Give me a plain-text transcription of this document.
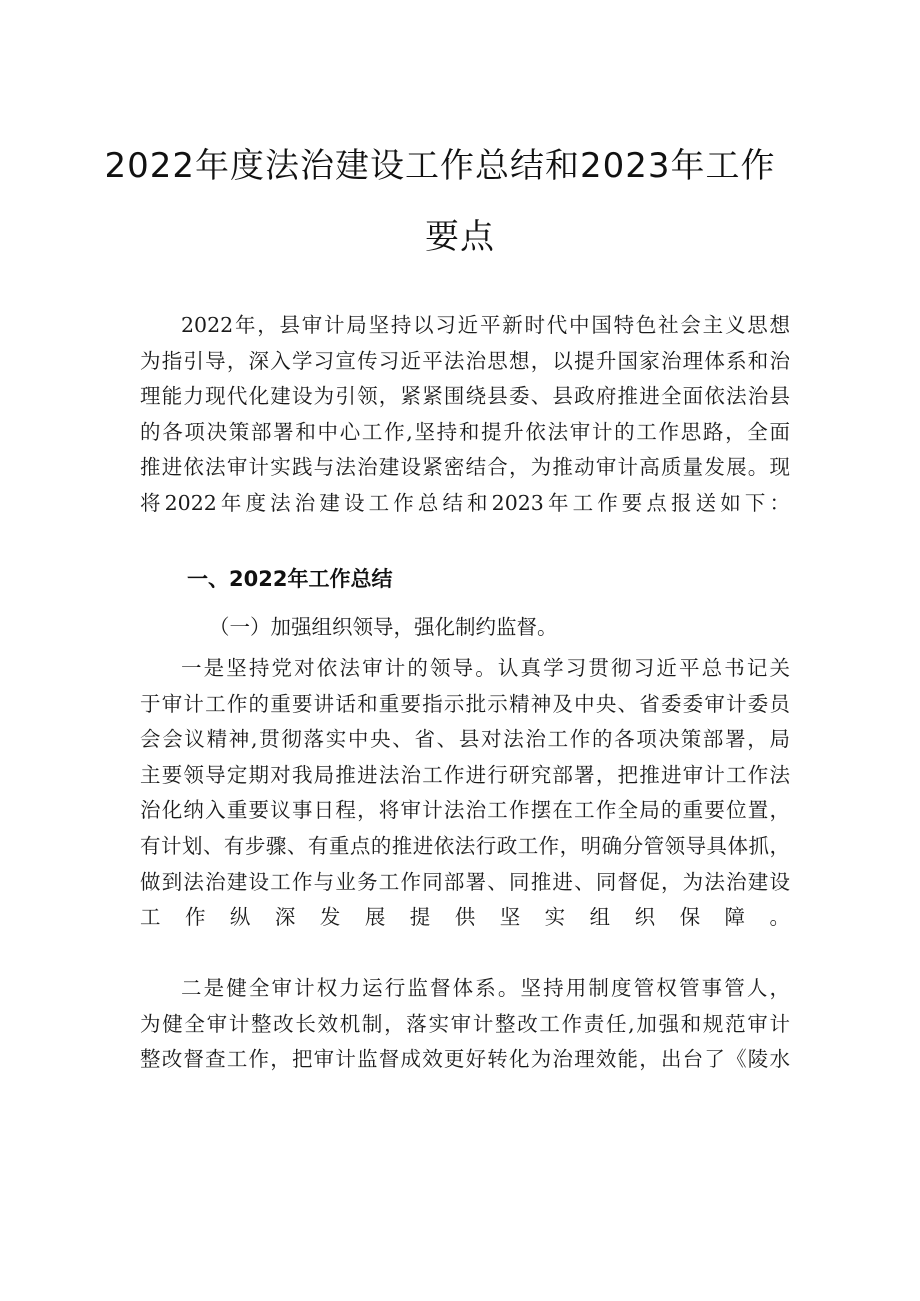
2022年度法治建设工作总结和2023年工作
要点
2022年，县审计局坚持以习近平新时代中国特色社会主义思想
为指引导，深入学习宣传习近平法治思想，以提升国家治理体系和治
理能力现代化建设为引领，紧紧围绕县委、县政府推进全面依法治县
的各项决策部署和中心工作,坚持和提升依法审计的工作思路，全面
推进依法审计实践与法治建设紧密结合，为推动审计高质量发展。现
将2022年度法治建设工作总结和2023年工作要点报送如下：
一、2022年工作总结
（一）加强组织领导，强化制约监督。
一是坚持党对依法审计的领导。认真学习贯彻习近平总书记关
于审计工作的重要讲话和重要指示批示精神及中央、省委委审计委员
会会议精神,贯彻落实中央、省、县对法治工作的各项决策部署，局
主要领导定期对我局推进法治工作进行研究部署，把推进审计工作法
治化纳入重要议事日程，将审计法治工作摆在工作全局的重要位置，
有计划、有步骤、有重点的推进依法行政工作，明确分管领导具体抓，
做到法治建设工作与业务工作同部署、同推进、同督促，为法治建设
工作纵深发展提供坚实组织保障。
二是健全审计权力运行监督体系。坚持用制度管权管事管人，
为健全审计整改长效机制，落实审计整改工作责任,加强和规范审计
整改督查工作，把审计监督成效更好转化为治理效能，出台了《陵水
